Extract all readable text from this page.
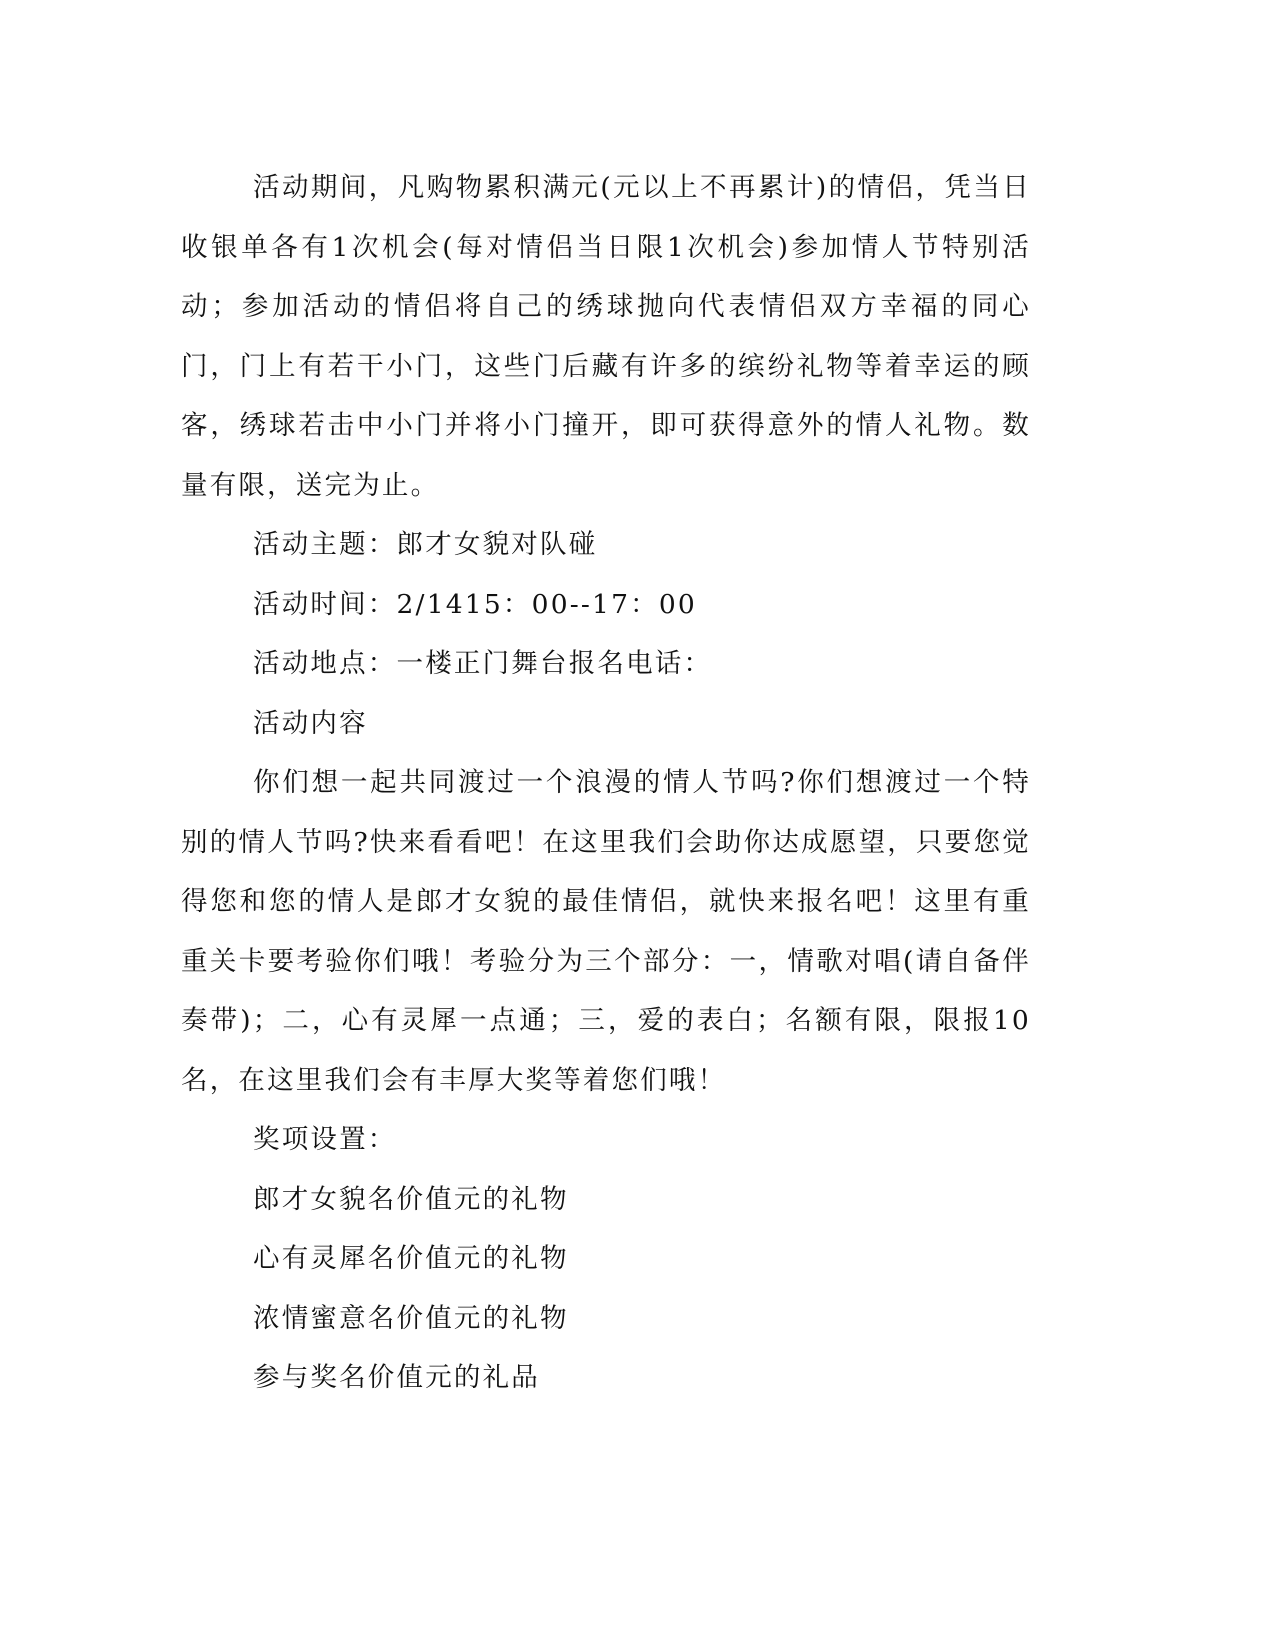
活动期间，凡购物累积满元(元以上不再累计)的情侣，凭当日收银单各有1次机会(每对情侣当日限1次机会)参加情人节特别活动；参加活动的情侣将自己的绣球抛向代表情侣双方幸福的同心门，门上有若干小门，这些门后藏有许多的缤纷礼物等着幸运的顾客，绣球若击中小门并将小门撞开，即可获得意外的情人礼物。数量有限，送完为止。

活动主题：郎才女貌对队碰

活动时间：2/1415：00--17：00

活动地点：一楼正门舞台报名电话：

活动内容

你们想一起共同渡过一个浪漫的情人节吗?你们想渡过一个特别的情人节吗?快来看看吧！在这里我们会助你达成愿望，只要您觉得您和您的情人是郎才女貌的最佳情侣，就快来报名吧！这里有重重关卡要考验你们哦！考验分为三个部分：一，情歌对唱(请自备伴奏带)；二，心有灵犀一点通；三，爱的表白；名额有限，限报10名，在这里我们会有丰厚大奖等着您们哦！

奖项设置：

郎才女貌名价值元的礼物

心有灵犀名价值元的礼物

浓情蜜意名价值元的礼物

参与奖名价值元的礼品
